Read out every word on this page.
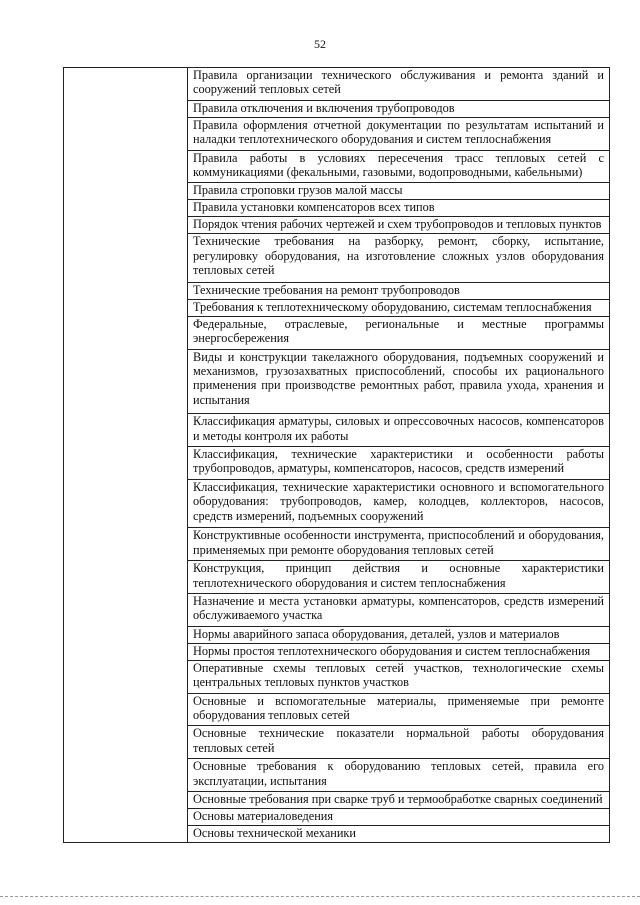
52
	Правила организации технического обслуживания и ремонта зданий и сооружений тепловых сетей
Правила отключения и включения трубопроводов
Правила оформления отчетной документации по результатам испытаний и наладки теплотехнического оборудования и систем теплоснабжения
Правила работы в условиях пересечения трасс тепловых сетей с коммуникациями (фекальными, газовыми, водопроводными, кабельными)
Правила строповки грузов малой массы
Правила установки компенсаторов всех типов
Порядок чтения рабочих чертежей и схем трубопроводов и тепловых пунктов
Технические требования на разборку, ремонт, сборку, испытание, регулировку оборудования, на изготовление сложных узлов оборудования тепловых сетей
Технические требования на ремонт трубопроводов
Требования к теплотехническому оборудованию, системам теплоснабжения
Федеральные, отраслевые, региональные и местные программы энергосбережения
Виды и конструкции такелажного оборудования, подъемных сооружений и механизмов, грузозахватных приспособлений, способы их рационального применения при производстве ремонтных работ, правила ухода, хранения и испытания
Классификация арматуры, силовых и опрессовочных насосов, компенсаторов и методы контроля их работы
Классификация, технические характеристики и особенности работы трубопроводов, арматуры, компенсаторов, насосов, средств измерений
Классификация, технические характеристики основного и вспомогательного оборудования: трубопроводов, камер, колодцев, коллекторов, насосов, средств измерений, подъемных сооружений
Конструктивные особенности инструмента, приспособлений и оборудования, применяемых при ремонте оборудования тепловых сетей
Конструкция, принцип действия и основные характеристики теплотехнического оборудования и систем теплоснабжения
Назначение и места установки арматуры, компенсаторов, средств измерений обслуживаемого участка
Нормы аварийного запаса оборудования, деталей, узлов и материалов
Нормы простоя теплотехнического оборудования и систем теплоснабжения
Оперативные схемы тепловых сетей участков, технологические схемы центральных тепловых пунктов участков
Основные и вспомогательные материалы, применяемые при ремонте оборудования тепловых сетей
Основные технические показатели нормальной работы оборудования тепловых сетей
Основные требования к оборудованию тепловых сетей, правила его эксплуатации, испытания
Основные требования при сварке труб и термообработке сварных соединений
Основы материаловедения
Основы технической механики
